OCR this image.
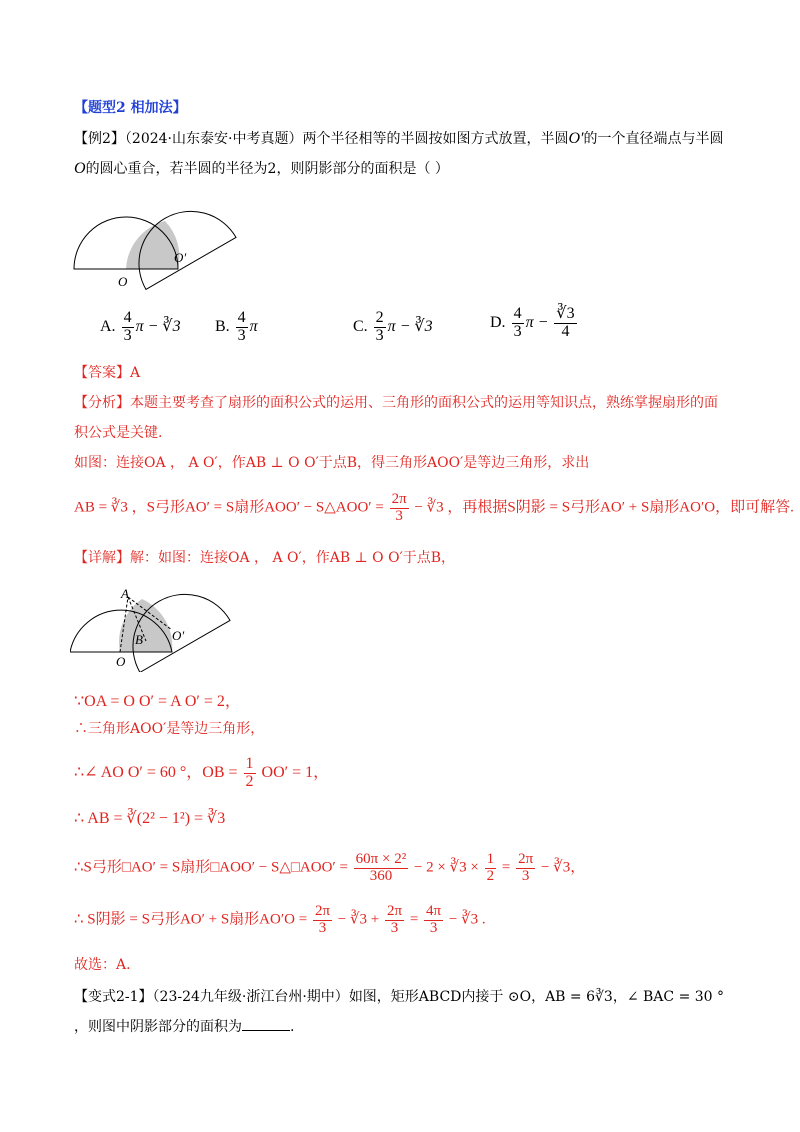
【题型2 相加法】
【例2】（2024·山东泰安·中考真题）两个半径相等的半圆按如图方式放置，半圆O′的一个直径端点与半圆
O的圆心重合，若半圆的半径为2，则阴影部分的面积是（ ）
O
O′
A. $\frac{4}{3}$ π − ∛3 B. $\frac{4}{3}$ π	C. $\frac{2}{3}$ π − ∛3	D. $\frac{4}{3}$ $\pi - \frac{∛3}{4}$
【答案】A
【分析】本题主要考查了扇形的面积公式的运用、三角形的面积公式的运用等知识点，熟练掌握扇形的面
积公式是关键.
如图：连接OA ， A O′，作AB ⊥ O O′于点B，得三角形AOO′是等边三角形，求出
AB = ∛3 ，S弓形AO′ = S扇形AOO′ − S△AOO′ = $\frac{2\pi}{3}$ − ∛3 ，再根据S阴影 = S弓形AO′ + S扇形AO′O，即可解答.
【详解】解：如图：连接OA ， A O′，作AB ⊥ O O′于点B，
A
B
O
O′
∵OA = O O′ = A O′ = 2，
∴三角形AOO′是等边三角形，
∴∠ AO O′ = 60 °，OB = $\frac{1}{2} OO' = 1$，
∴ AB = ∛(2² − 1²) = ∛3
∴S弓形□AO′ = S扇形□AOO′ − S△□AOO′ = $\frac{\text{60π × 2²}}{360} - 2$ × ∛3 × $\frac{1}{2} = \frac{2\pi}{3}$ − ∛3，
∴ S阴影 = S弓形AO′ + S扇形$AO'O = \frac{2\pi}{3}$ − ∛3 + $\frac{2\pi}{3} = \frac{4\pi}{3}$ − ∛3 .
故选：A.
【变式2-1】（23-24九年级·浙江台州·期中）如图，矩形ABCD内接于 ⊙O，AB = 6∛3，∠ BAC = 30 °
，则图中阴影部分的面积为	.
